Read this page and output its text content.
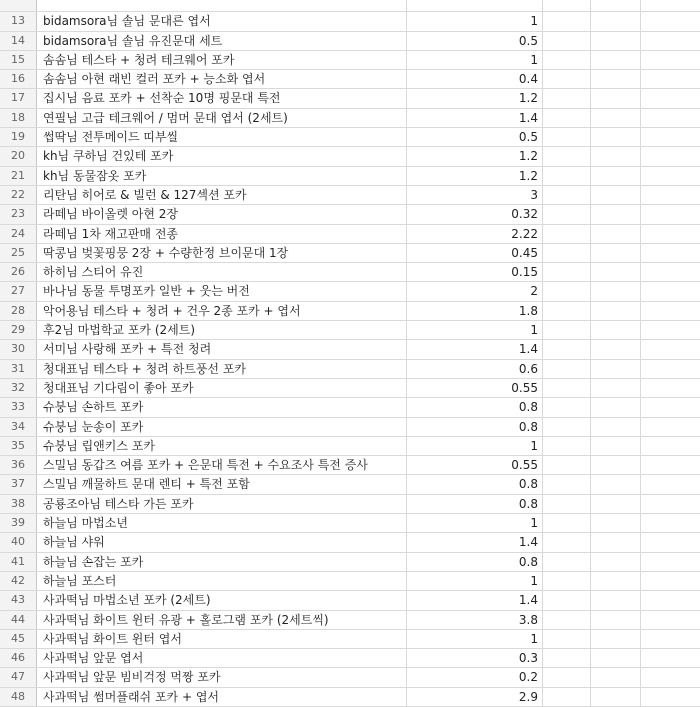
13	bidamsora님 솔님 문대른 엽서	1
14	bidamsora님 솔님 유진문대 세트	0.5
15	솜솜님 테스타 + 청려 테크웨어 포카	1
16	솜솜님 아현 래빈 컬러 포카 + 능소화 엽서	0.4
17	집시님 음료 포카 + 선착순 10명 핑문대 특전	1.2
18	연필님 고급 테크웨어 / 멈머 문대 엽서 (2세트)	1.4
19	썹딱님 전투메이드 띠부씰	0.5
20	kh님 쿠하님 건있테 포카	1.2
21	kh님 동물잠옷 포카	1.2
22	리탄님 히어로 & 빌런 & 127섹션 포카	3
23	라떼님 바이올렛 아현 2장	0.32
24	라떼님 1차 재고판매 전종	2.22
25	딱콩님 벚꽃핑뭉 2장 + 수량한정 브이문대 1장	0.45
26	하히님 스티어 유진	0.15
27	바나님 동물 투명포카 일반 + 웃는 버전	2
28	악어용님 테스타 + 청려 + 건우 2종 포카 + 엽서	1.8
29	후2님 마법학교 포카 (2세트)	1
30	서미님 사랑해 포카 + 특전 청려	1.4
31	청대표님 테스타 + 청려 하트풍선 포카	0.6
32	청대표님 기다림이 좋아 포카	0.55
33	슈붕님 손하트 포카	0.8
34	슈붕님 눈송이 포카	0.8
35	슈붕님 립앤키스 포카	1
36	스밀님 동갑즈 여름 포카 + 은문대 특전 + 수요조사 특전 증사	0.55
37	스밀님 깨물하트 문대 렌티 + 특전 포함	0.8
38	공룡조아님 테스타 가든 포카	0.8
39	하늘님 마법소년	1
40	하늘님 샤워	1.4
41	하늘님 손잡는 포카	0.8
42	하늘님 포스터	1
43	사과떡님 마법소년 포카 (2세트)	1.4
44	사과떡님 화이트 윈터 유광 + 홀로그램 포카 (2세트씩)	3.8
45	사과떡님 화이트 윈터 엽서	1
46	사과떡님 앞문 엽서	0.3
47	사과떡님 앞문 빔비걱정 먹짱 포카	0.2
48	사과떡님 썸머플래쉬 포카 + 엽서	2.9
